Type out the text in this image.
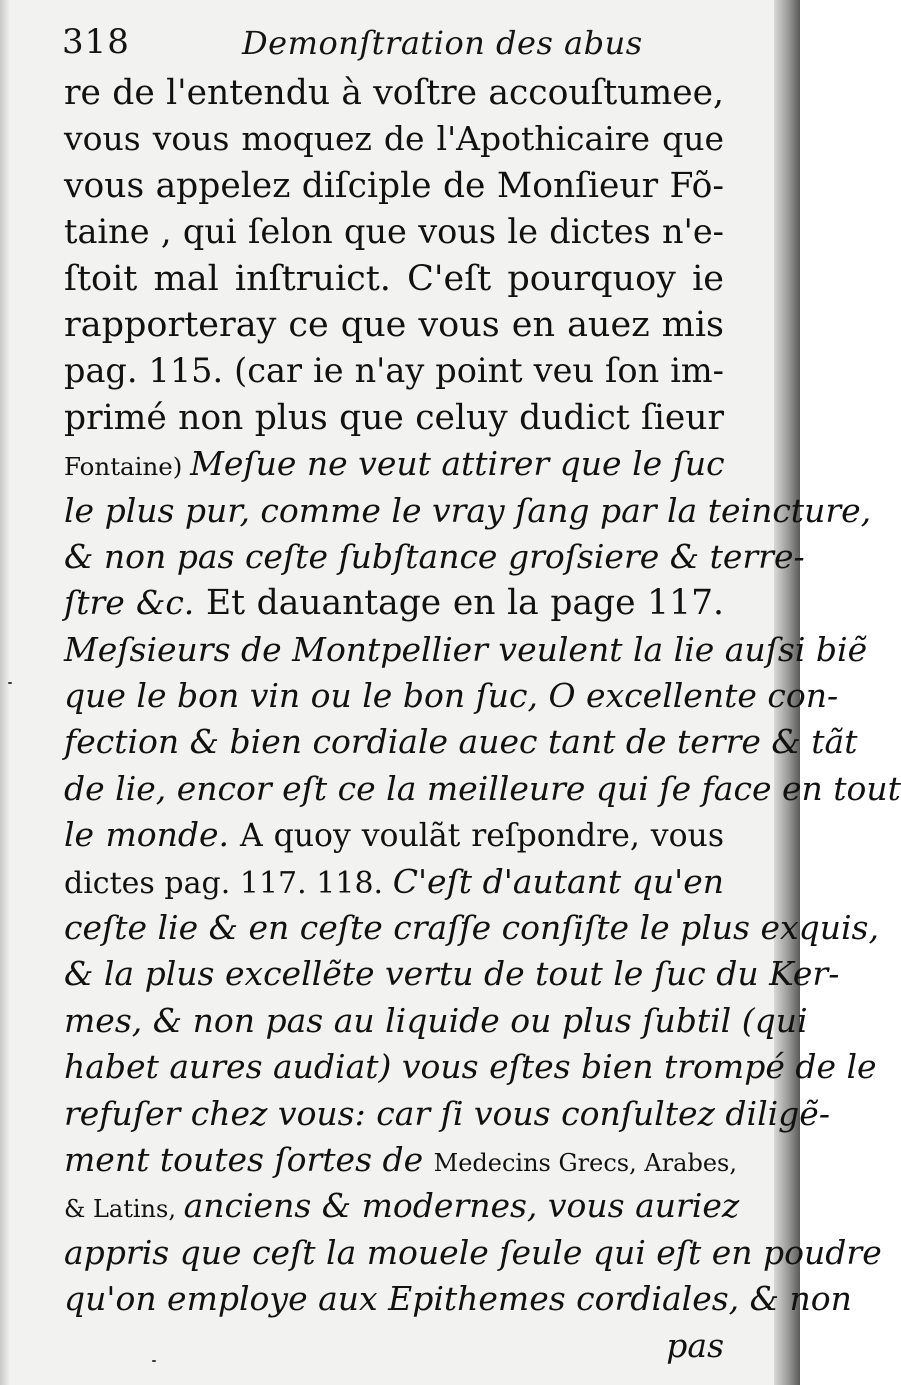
318	Demonſtration des abus
re de l'entendu à voſtre accouſtumee,
vous vous moquez de l'Apothicaire que
vous appelez diſciple de Monſieur Fõ-
taine , qui ſelon que vous le dictes n'e-
ſtoit mal inſtruict. C'eſt pourquoy ie
rapporteray ce que vous en auez mis
pag. 115. (car ie n'ay point veu ſon im-
primé non plus que celuy dudict ſieur
Fontaine) Meſue ne veut attirer que le ſuc
le plus pur, comme le vray ſang par la teincture,
& non pas ceſte ſubſtance groſsiere & terre-
ſtre &c. Et dauantage en la page 117.
Meſsieurs de Montpellier veulent la lie auſsi biẽ
que le bon vin ou le bon ſuc, O excellente con-
fection & bien cordiale auec tant de terre & tãt
de lie, encor eſt ce la meilleure qui ſe face en tout
le monde. A quoy voulãt reſpondre, vous
dictes pag. 117. 118. C'eſt d'autant qu'en
ceſte lie & en ceſte craſſe conſiſte le plus exquis,
& la plus excellẽte vertu de tout le ſuc du Ker-
mes, & non pas au liquide ou plus ſubtil (qui
habet aures audiat) vous eſtes bien trompé de le
refuſer chez vous: car ſi vous conſultez diligẽ-
ment toutes ſortes de Medecins Grecs, Arabes,
& Latins, anciens & modernes, vous auriez
appris que ceſt la mouele ſeule qui eſt en poudre
qu'on employe aux Epithemes cordiales, & non
pas
